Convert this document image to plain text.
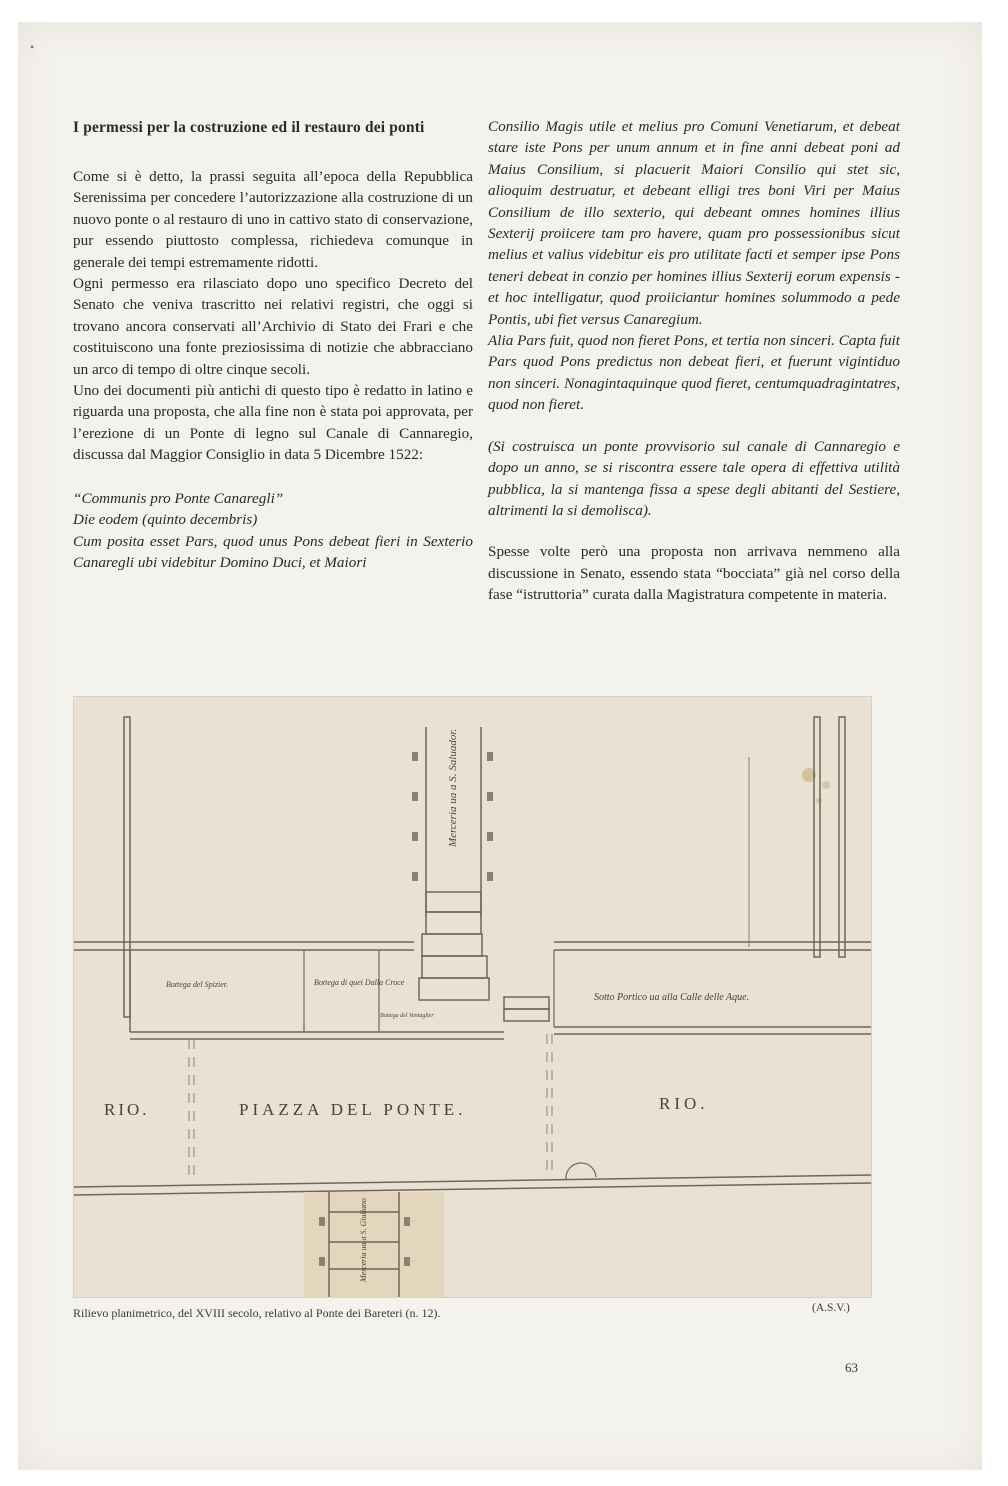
•
I permessi per la costruzione ed il restauro dei ponti

Come si è detto, la prassi seguita all’epoca della Repubblica Serenissima per concedere l’autorizzazione alla costruzione di un nuovo ponte o al restauro di uno in cattivo stato di conservazione, pur essendo piuttosto complessa, richiedeva comunque in generale dei tempi estremamente ridotti.

Ogni permesso era rilasciato dopo uno specifico Decreto del Senato che veniva trascritto nei relativi registri, che oggi si trovano ancora conservati all’Archivio di Stato dei Frari e che costituiscono una fonte preziosissima di notizie che abbracciano un arco di tempo di oltre cinque secoli.

Uno dei documenti più antichi di questo tipo è redatto in latino e riguarda una proposta, che alla fine non è stata poi approvata, per l’erezione di un Ponte di legno sul Canale di Cannaregio, discussa dal Maggior Consiglio in data 5 Dicembre 1522:

“Communis pro Ponte Canaregli”

Die eodem (quinto decembris)

Cum posita esset Pars, quod unus Pons debeat fieri in Sexterio Canaregli ubi videbitur Domino Duci, et Maiori

Consilio Magis utile et melius pro Comuni Venetiarum, et debeat stare iste Pons per unum annum et in fine anni debeat poni ad Maius Consilium, si placuerit Maiori Consilio qui stet sic, alioquim destruatur, et debeant elligi tres boni Viri per Maius Consilium de illo sexterio, qui debeant omnes homines illius Sexterij proiicere tam pro havere, quam pro possessionibus sicut melius et valius videbitur eis pro utilitate facti et semper ipse Pons teneri debeat in conzio per homines illius Sexterij eorum expensis - et hoc intelligatur, quod proiiciantur homines solummodo a pede Pontis, ubi fiet versus Canaregium.

Alia Pars fuit, quod non fieret Pons, et tertia non sinceri. Capta fuit Pars quod Pons predictus non debeat fieri, et fuerunt vigintiduo non sinceri. Nonagintaquinque quod fieret, centumquadragintatres, quod non fieret.

(Si costruisca un ponte provvisorio sul canale di Cannaregio e dopo un anno, se si riscontra essere tale opera di effettiva utilità pubblica, la si mantenga fissa a spese degli abitanti del Sestiere, altrimenti la si demolisca).

Spesse volte però una proposta non arrivava nemmeno alla discussione in Senato, essendo stata “bocciata” già nel corso della fase “istruttoria” curata dalla Magistratura competente in materia.

RIO.	PIAZZA DEL PONTE.	RIO.
Bottega del Spizier.	Bottega di quei Dalla Croce
Bottega del Ventaglier
Sotto Portico ua alla Calle delle Aque.
Merceria ua a S. Saluador.
Merceria ua a S. Giuliano
Rilievo planimetrico, del XVIII secolo, relativo al Ponte dei Bareteri (n. 12).	(A.S.V.)
63
